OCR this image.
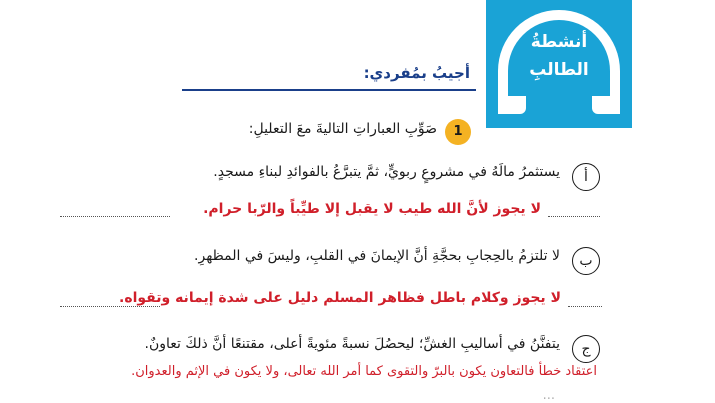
أنشطةُ
الطالبِ
أجيبُ بمُفردي:
1
صَوِّبِ العباراتِ التاليةَ معَ التعليلِ:
أ
يستثمرُ مالَهُ في مشروعٍ ربويٍّ، ثمَّ يتبرَّعُ بالفوائدِ لبناءِ مسجدٍ.
لا يجوز لأنَّ الله طيب لا يقبل إلا طيِّباً والرّبا حرام.
ب
لا تلتزمُ بالحِجابِ بحجَّةِ أنَّ الإيمانَ في القلبِ، وليسَ في المظهرِ.
لا يجوز وكلام باطل فظاهر المسلم دليل على شدة إيمانه وتقواه.
ج
يتفنَّنُ في أساليبِ الغشِّ؛ ليحصُلَ نسبةً مئويةً أعلى، مقتنعًا أنَّ ذلكَ تعاونٌ.
اعتقاد خطأ فالتعاون يكون بالبرّ والتقوى كما أمر الله تعالى، ولا يكون في الإثم والعدوان.
...
